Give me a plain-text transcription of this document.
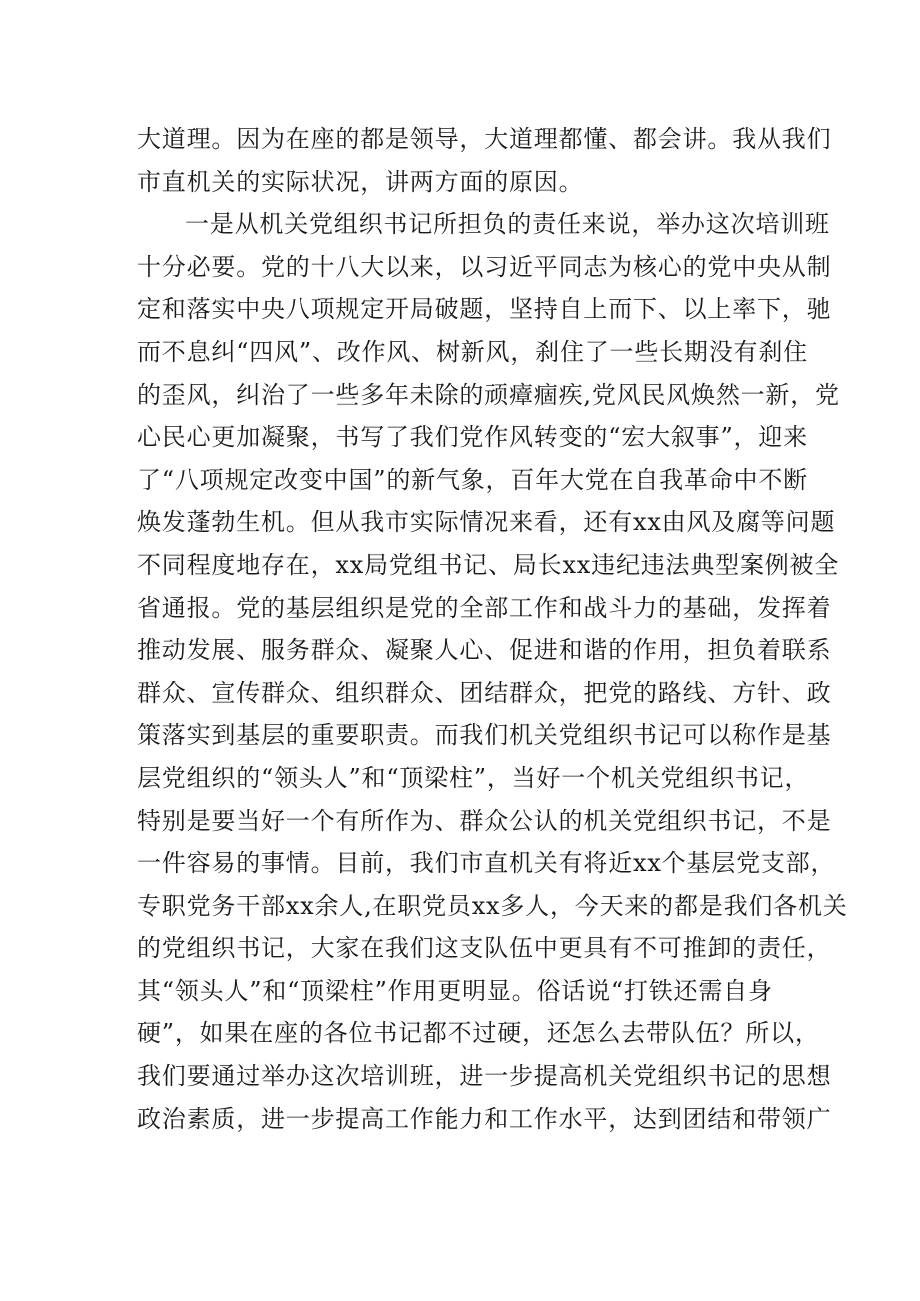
大道理。因为在座的都是领导，大道理都懂、都会讲。我从我们
市直机关的实际状况，讲两方面的原因。
一是从机关党组织书记所担负的责任来说，举办这次培训班
十分必要。党的十八大以来，以习近平同志为核心的党中央从制
定和落实中央八项规定开局破题，坚持自上而下、以上率下，驰
而不息纠“四风”、改作风、树新风，刹住了一些长期没有刹住
的歪风，纠治了一些多年未除的顽瘴痼疾,党风民风焕然一新，党
心民心更加凝聚，书写了我们党作风转变的“宏大叙事”，迎来
了“八项规定改变中国”的新气象，百年大党在自我革命中不断
焕发蓬勃生机。但从我市实际情况来看，还有xx由风及腐等问题
不同程度地存在，xx局党组书记、局长xx违纪违法典型案例被全
省通报。党的基层组织是党的全部工作和战斗力的基础，发挥着
推动发展、服务群众、凝聚人心、促进和谐的作用，担负着联系
群众、宣传群众、组织群众、团结群众，把党的路线、方针、政
策落实到基层的重要职责。而我们机关党组织书记可以称作是基
层党组织的“领头人”和“顶梁柱”，当好一个机关党组织书记，
特别是要当好一个有所作为、群众公认的机关党组织书记，不是
一件容易的事情。目前，我们市直机关有将近xx个基层党支部，
专职党务干部xx余人,在职党员xx多人，今天来的都是我们各机关
的党组织书记，大家在我们这支队伍中更具有不可推卸的责任，
其“领头人”和“顶梁柱”作用更明显。俗话说“打铁还需自身
硬”，如果在座的各位书记都不过硬，还怎么去带队伍？所以，
我们要通过举办这次培训班，进一步提高机关党组织书记的思想
政治素质，进一步提高工作能力和工作水平，达到团结和带领广
